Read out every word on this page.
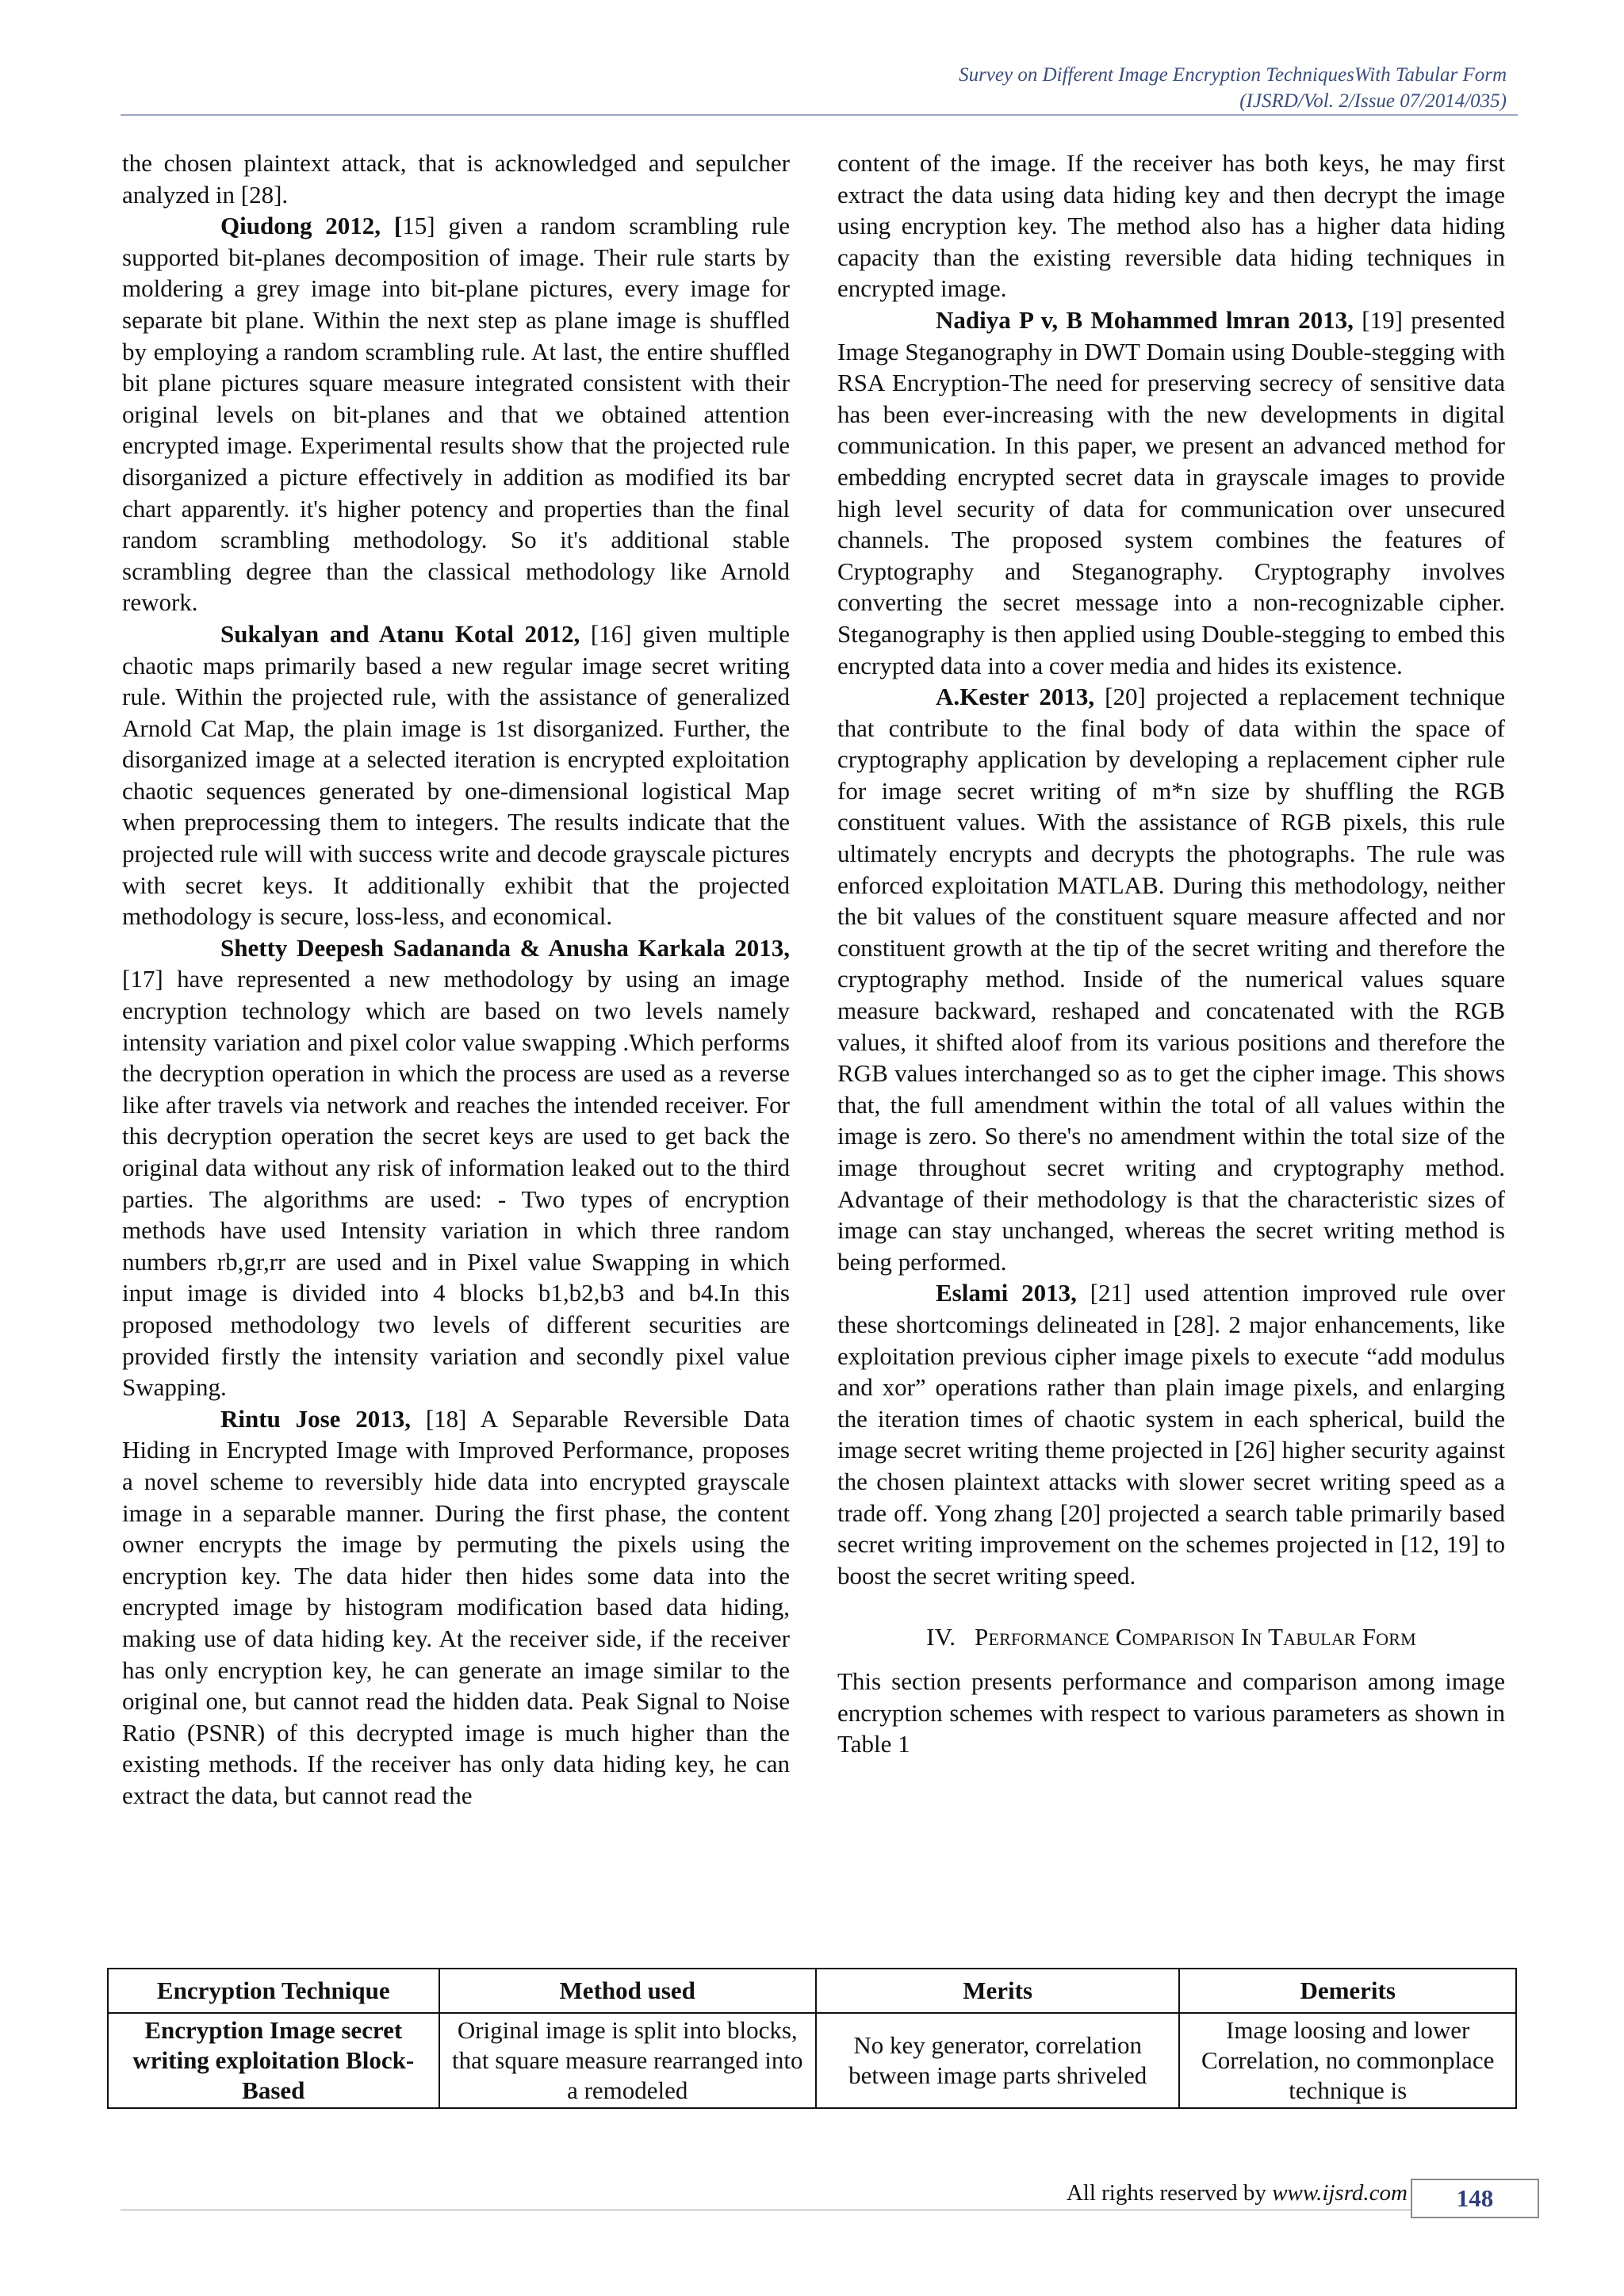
Survey on Different Image Encryption TechniquesWith Tabular Form
(IJSRD/Vol. 2/Issue 07/2014/035)

the chosen plaintext attack, that is acknowledged and sepulcher analyzed in [28].

Qiudong 2012, [15] given a random scrambling rule supported bit-planes decomposition of image. Their rule starts by moldering a grey image into bit-plane pictures, every image for separate bit plane. Within the next step as plane image is shuffled by employing a random scrambling rule. At last, the entire shuffled bit plane pictures square measure integrated consistent with their original levels on bit-planes and that we obtained attention encrypted image. Experimental results show that the projected rule disorganized a picture effectively in addition as modified its bar chart apparently. it's higher potency and properties than the final random scrambling methodology. So it's additional stable scrambling degree than the classical methodology like Arnold rework.

Sukalyan and Atanu Kotal 2012, [16] given multiple chaotic maps primarily based a new regular image secret writing rule. Within the projected rule, with the assistance of generalized Arnold Cat Map, the plain image is 1st disorganized. Further, the disorganized image at a selected iteration is encrypted exploitation chaotic sequences generated by one-dimensional logistical Map when preprocessing them to integers. The results indicate that the projected rule will with success write and decode grayscale pictures with secret keys. It additionally exhibit that the projected methodology is secure, loss-less, and economical.

Shetty Deepesh Sadananda & Anusha Karkala 2013, [17] have represented a new methodology by using an image encryption technology which are based on two levels namely intensity variation and pixel color value swapping .Which performs the decryption operation in which the process are used as a reverse like after travels via network and reaches the intended receiver. For this decryption operation the secret keys are used to get back the original data without any risk of information leaked out to the third parties. The algorithms are used: - Two types of encryption methods have used Intensity variation in which three random numbers rb,gr,rr are used and in Pixel value Swapping in which input image is divided into 4 blocks b1,b2,b3 and b4.In this proposed methodology two levels of different securities are provided firstly the intensity variation and secondly pixel value Swapping.

Rintu Jose 2013, [18] A Separable Reversible Data Hiding in Encrypted Image with Improved Performance, proposes a novel scheme to reversibly hide data into encrypted grayscale image in a separable manner. During the first phase, the content owner encrypts the image by permuting the pixels using the encryption key. The data hider then hides some data into the encrypted image by histogram modification based data hiding, making use of data hiding key. At the receiver side, if the receiver has only encryption key, he can generate an image similar to the original one, but cannot read the hidden data. Peak Signal to Noise Ratio (PSNR) of this decrypted image is much higher than the existing methods. If the receiver has only data hiding key, he can extract the data, but cannot read the

content of the image. If the receiver has both keys, he may first extract the data using data hiding key and then decrypt the image using encryption key. The method also has a higher data hiding capacity than the existing reversible data hiding techniques in encrypted image.

Nadiya P v, B Mohammed lmran 2013, [19] presented Image Steganography in DWT Domain using Double-stegging with RSA Encryption-The need for preserving secrecy of sensitive data has been ever-increasing with the new developments in digital communication. In this paper, we present an advanced method for embedding encrypted secret data in grayscale images to provide high level security of data for communication over unsecured channels. The proposed system combines the features of Cryptography and Steganography. Cryptography involves converting the secret message into a non-recognizable cipher. Steganography is then applied using Double-stegging to embed this encrypted data into a cover media and hides its existence.

A.Kester 2013, [20] projected a replacement technique that contribute to the final body of data within the space of cryptography application by developing a replacement cipher rule for image secret writing of m*n size by shuffling the RGB constituent values. With the assistance of RGB pixels, this rule ultimately encrypts and decrypts the photographs. The rule was enforced exploitation MATLAB. During this methodology, neither the bit values of the constituent square measure affected and nor constituent growth at the tip of the secret writing and therefore the cryptography method. Inside of the numerical values square measure backward, reshaped and concatenated with the RGB values, it shifted aloof from its various positions and therefore the RGB values interchanged so as to get the cipher image. This shows that, the full amendment within the total of all values within the image is zero. So there's no amendment within the total size of the image throughout secret writing and cryptography method. Advantage of their methodology is that the characteristic sizes of image can stay unchanged, whereas the secret writing method is being performed.

Eslami 2013, [21] used attention improved rule over these shortcomings delineated in [28]. 2 major enhancements, like exploitation previous cipher image pixels to execute “add modulus and xor” operations rather than plain image pixels, and enlarging the iteration times of chaotic system in each spherical, build the image secret writing theme projected in [26] higher security against the chosen plaintext attacks with slower secret writing speed as a trade off. Yong zhang [20] projected a search table primarily based secret writing improvement on the schemes projected in [12, 19] to boost the secret writing speed.

IV. Performance Comparison In Tabular Form

This section presents performance and comparison among image encryption schemes with respect to various parameters as shown in Table 1

Encryption Technique	Method used	Merits	Demerits
Encryption Image secret writing exploitation Block-Based	Original image is split into blocks, that square measure rearranged into a remodeled	No key generator, correlation between image parts shriveled	Image loosing and lower Correlation, no commonplace technique is
All rights reserved by www.ijsrd.com	148
